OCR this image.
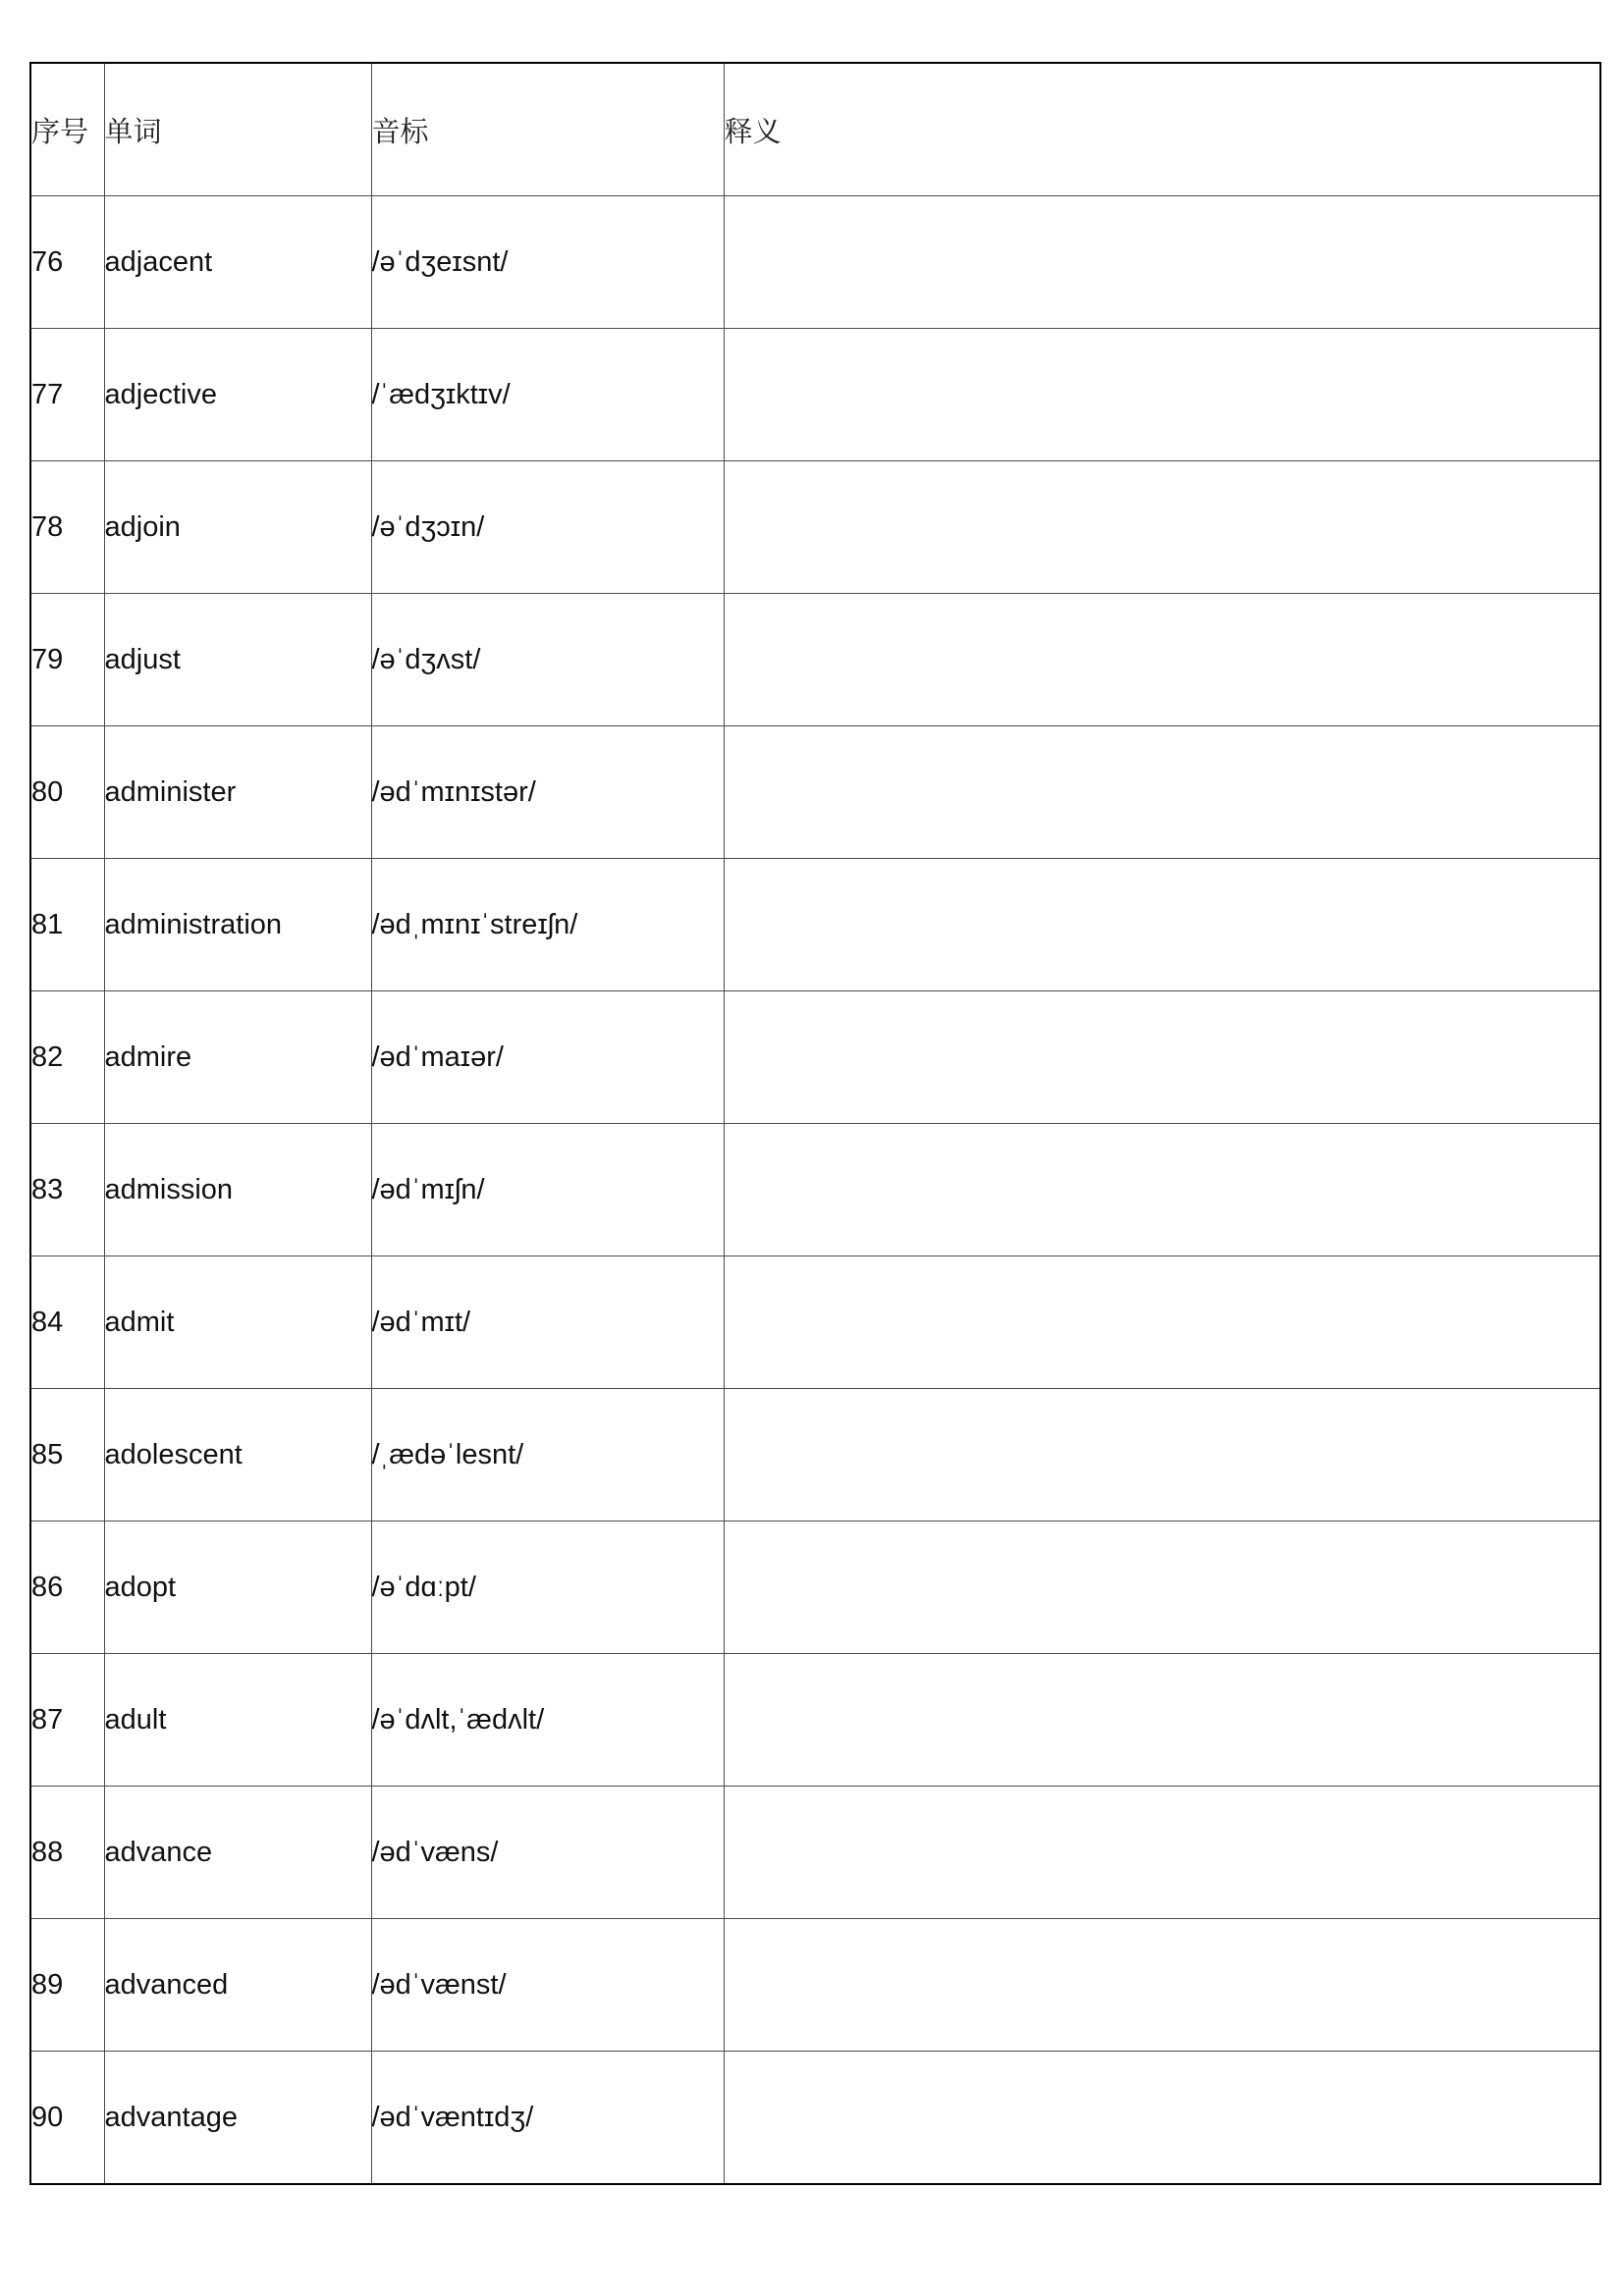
序号	单词	音标	释义
76	adjacent	/əˈdʒeɪsnt/	
77	adjective	/ˈædʒɪktɪv/	
78	adjoin	/əˈdʒɔɪn/	
79	adjust	/əˈdʒʌst/	
80	administer	/ədˈmɪnɪstər/	
81	administration	/ədˌmɪnɪˈstreɪʃn/	
82	admire	/ədˈmaɪər/	
83	admission	/ədˈmɪʃn/	
84	admit	/ədˈmɪt/	
85	adolescent	/ˌædəˈlesnt/	
86	adopt	/əˈdɑːpt/	
87	adult	/əˈdʌlt,ˈædʌlt/	
88	advance	/ədˈvæns/	
89	advanced	/ədˈvænst/	
90	advantage	/ədˈvæntɪdʒ/	
